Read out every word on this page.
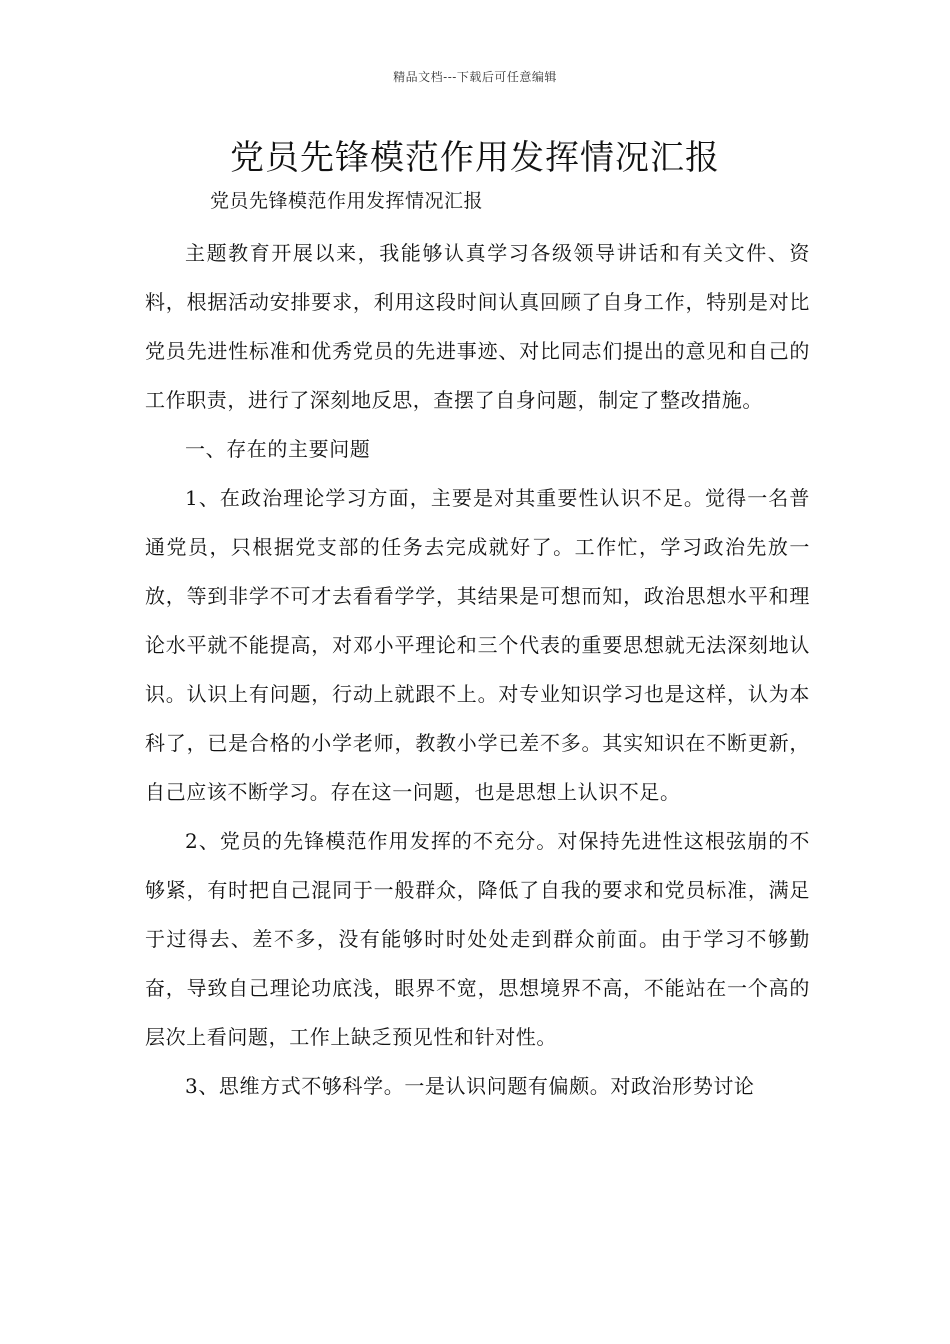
精品文档---下载后可任意编辑
党员先锋模范作用发挥情况汇报
党员先锋模范作用发挥情况汇报

主题教育开展以来，我能够认真学习各级领导讲话和有关文件、资料，根据活动安排要求，利用这段时间认真回顾了自身工作，特别是对比党员先进性标准和优秀党员的先进事迹、对比同志们提出的意见和自己的工作职责，进行了深刻地反思，查摆了自身问题，制定了整改措施。

一、存在的主要问题

1、在政治理论学习方面，主要是对其重要性认识不足。觉得一名普通党员，只根据党支部的任务去完成就好了。工作忙，学习政治先放一放，等到非学不可才去看看学学，其结果是可想而知，政治思想水平和理论水平就不能提高，对邓小平理论和三个代表的重要思想就无法深刻地认识。认识上有问题，行动上就跟不上。对专业知识学习也是这样，认为本科了，已是合格的小学老师，教教小学已差不多。其实知识在不断更新，自己应该不断学习。存在这一问题，也是思想上认识不足。

2、党员的先锋模范作用发挥的不充分。对保持先进性这根弦崩的不够紧，有时把自己混同于一般群众，降低了自我的要求和党员标准，满足于过得去、差不多，没有能够时时处处走到群众前面。由于学习不够勤奋，导致自己理论功底浅，眼界不宽，思想境界不高，不能站在一个高的层次上看问题，工作上缺乏预见性和针对性。

3、思维方式不够科学。一是认识问题有偏颇。对政治形势讨论
